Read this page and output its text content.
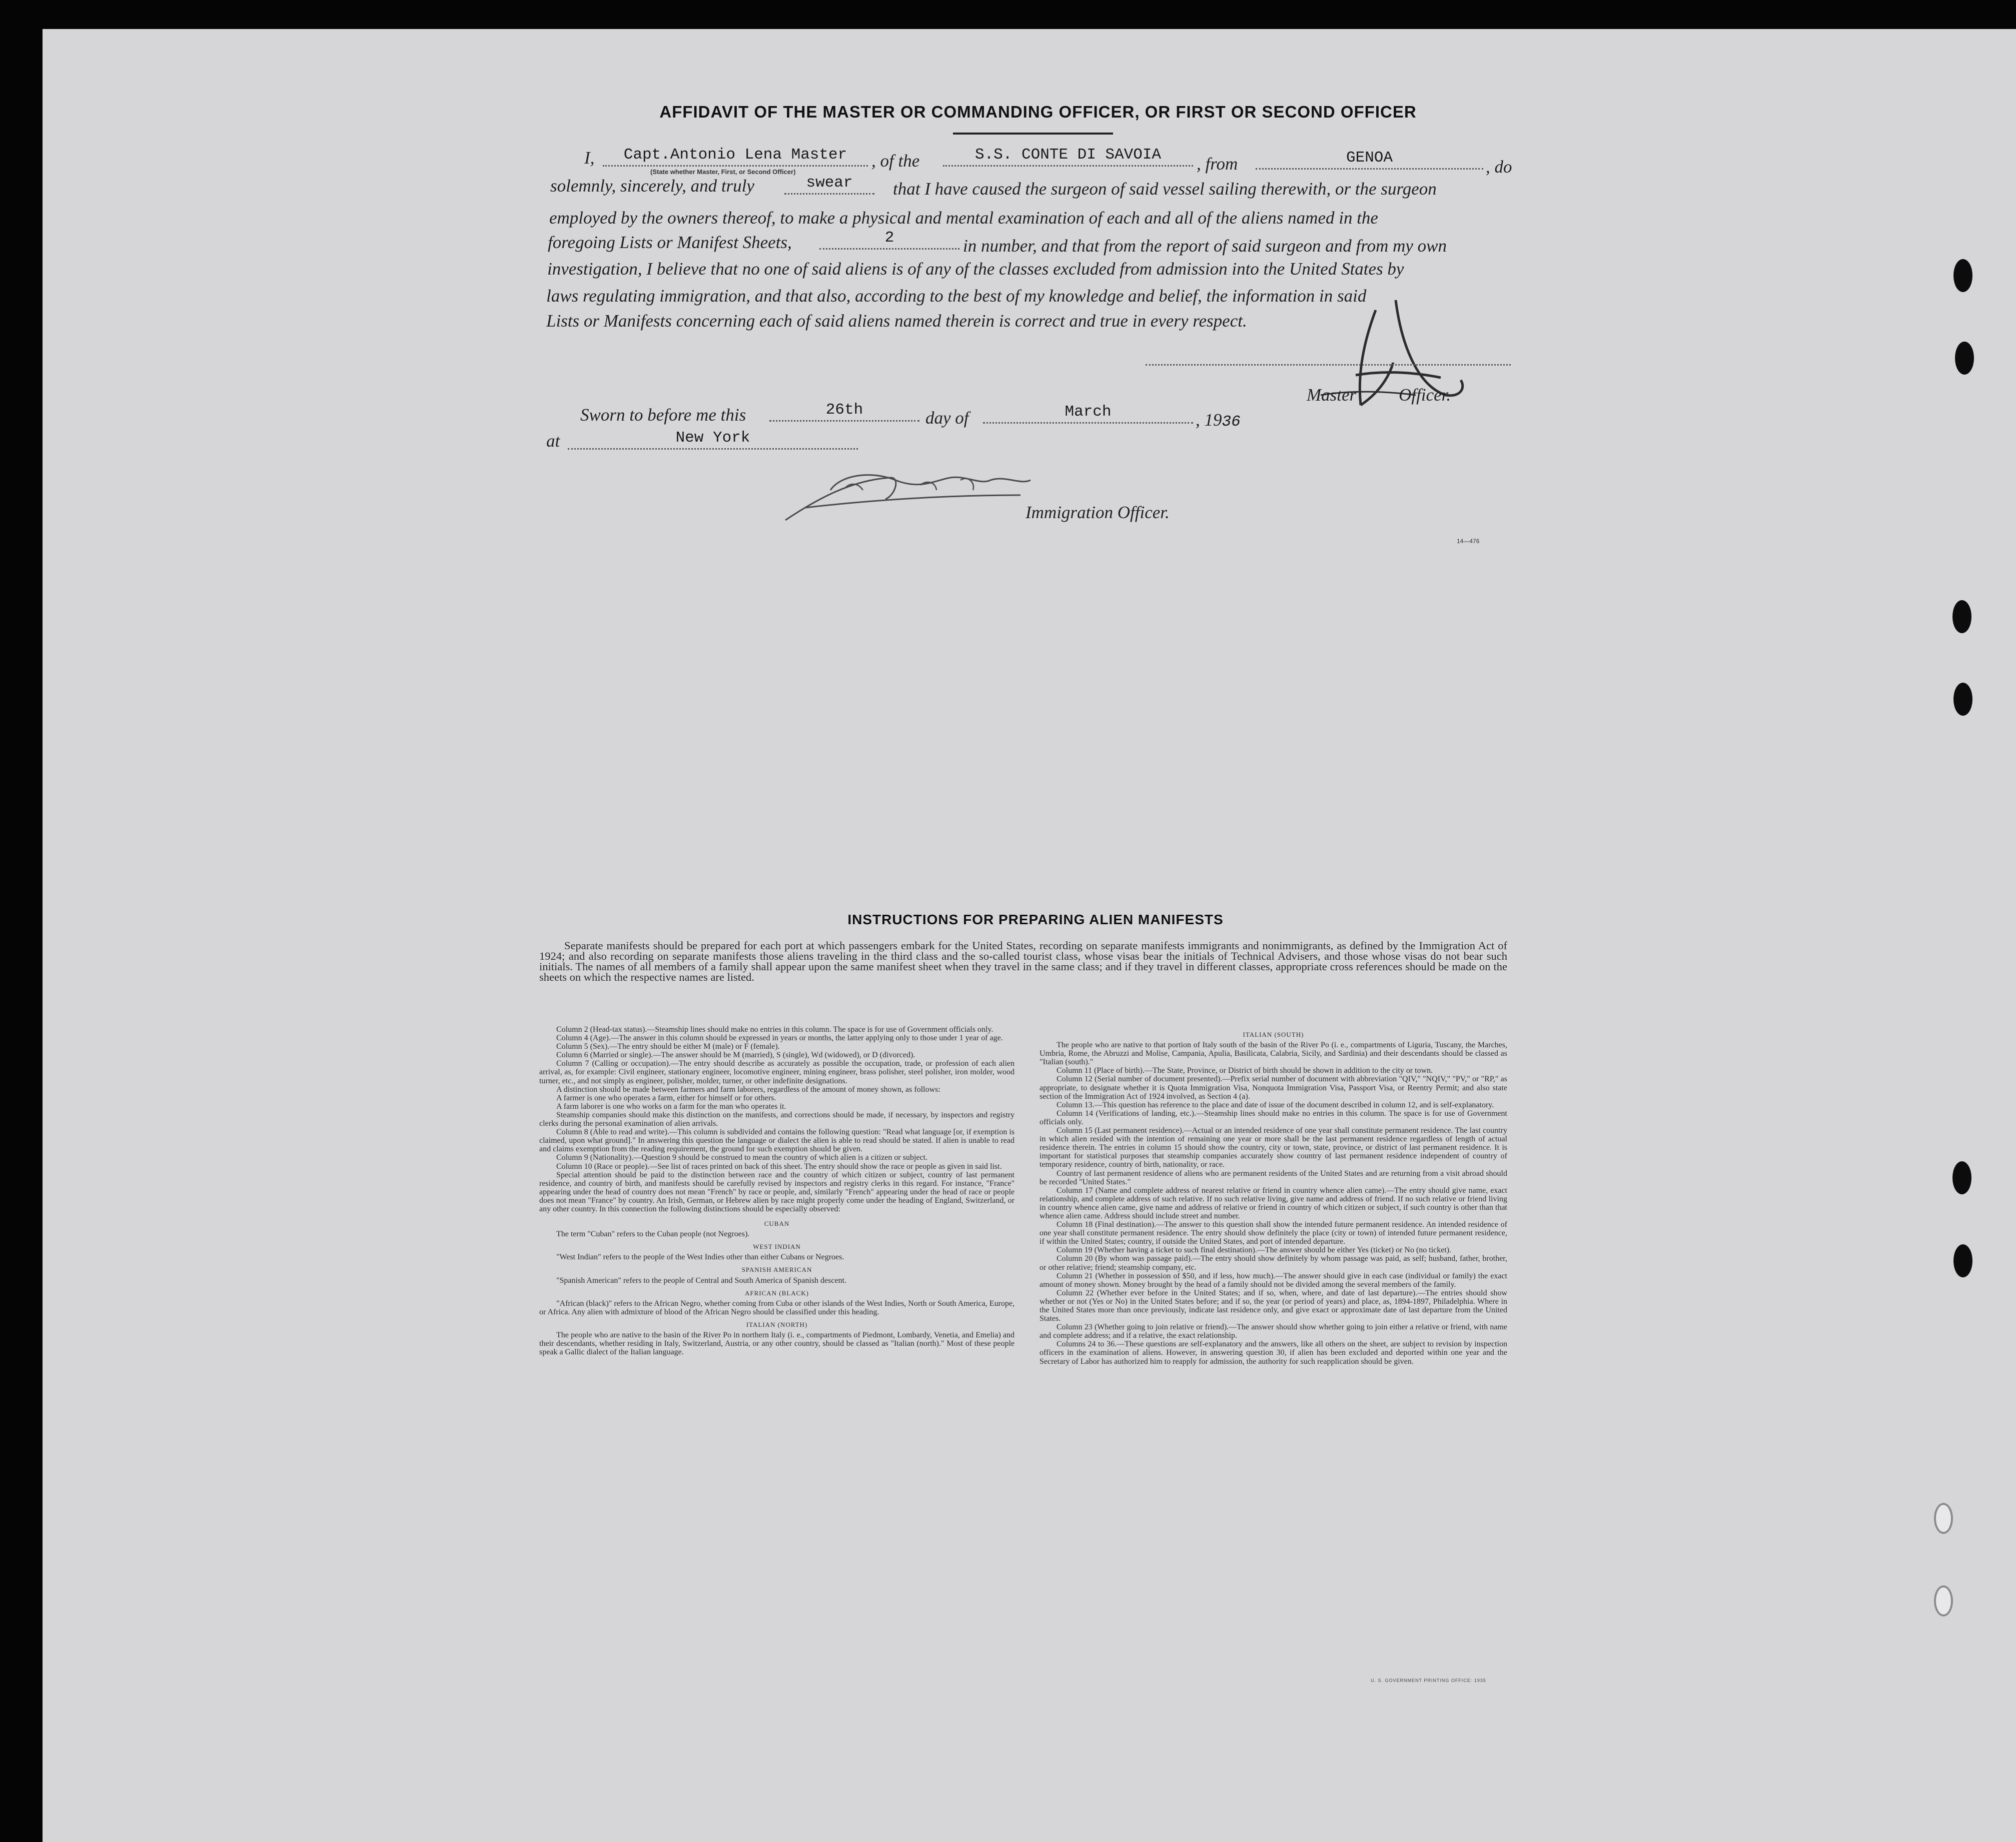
AFFIDAVIT OF THE MASTER OR COMMANDING OFFICER, OR FIRST OR SECOND OFFICER
I,	Capt.Antonio Lena Master
(State whether Master, First, or Second Officer)
, of the	S.S. CONTE DI SAVOIA	, from	GENOA	, do
solemnly, sincerely, and truly	swear	that I have caused the surgeon of said vessel sailing therewith, or the surgeon
employed by the owners thereof, to make a physical and mental examination of each and all of the aliens named in the
foregoing Lists or Manifest Sheets,	2	in number, and that from the report of said surgeon and from my own
investigation, I believe that no one of said aliens is of any of the classes excluded from admission into the United States by
laws regulating immigration, and that also, according to the best of my knowledge and belief, the information in said
Lists or Manifests concerning each of said aliens named therein is correct and true in every respect.
Master Officer.
Sworn to before me this	26th	day of	March	, 1936
at	New York
Immigration Officer.
14—476
INSTRUCTIONS FOR PREPARING ALIEN MANIFESTS
Separate manifests should be prepared for each port at which passengers embark for the United States, recording on separate manifests immigrants and nonimmigrants, as defined by the Immigration Act of 1924; and also recording on separate manifests those aliens traveling in the third class and the so-called tourist class, whose visas bear the initials of Technical Advisers, and those whose visas do not bear such initials. The names of all members of a family shall appear upon the same manifest sheet when they travel in the same class; and if they travel in different classes, appropriate cross references should be made on the sheets on which the respective names are listed.

Column 2 (Head-tax status).—Steamship lines should make no entries in this column. The space is for use of Government officials only.

Column 4 (Age).—The answer in this column should be expressed in years or months, the latter applying only to those under 1 year of age.

Column 5 (Sex).—The entry should be either M (male) or F (female).

Column 6 (Married or single).—The answer should be M (married), S (single), Wd (widowed), or D (divorced).

Column 7 (Calling or occupation).—The entry should describe as accurately as possible the occupation, trade, or profession of each alien arrival, as, for example: Civil engineer, stationary engineer, locomotive engineer, mining engineer, brass polisher, steel polisher, iron molder, wood turner, etc., and not simply as engineer, polisher, molder, turner, or other indefinite designations.

A distinction should be made between farmers and farm laborers, regardless of the amount of money shown, as follows:

A farmer is one who operates a farm, either for himself or for others.

A farm laborer is one who works on a farm for the man who operates it.

Steamship companies should make this distinction on the manifests, and corrections should be made, if necessary, by inspectors and registry clerks during the personal examination of alien arrivals.

Column 8 (Able to read and write).—This column is subdivided and contains the following question: "Read what language [or, if exemption is claimed, upon what ground]." In answering this question the language or dialect the alien is able to read should be stated. If alien is unable to read and claims exemption from the reading requirement, the ground for such exemption should be given.

Column 9 (Nationality).—Question 9 should be construed to mean the country of which alien is a citizen or subject.

Column 10 (Race or people).—See list of races printed on back of this sheet. The entry should show the race or people as given in said list.

Special attention should be paid to the distinction between race and the country of which citizen or subject, country of last permanent residence, and country of birth, and manifests should be carefully revised by inspectors and registry clerks in this regard. For instance, "France" appearing under the head of country does not mean "French" by race or people, and, similarly "French" appearing under the head of race or people does not mean "France" by country. An Irish, German, or Hebrew alien by race might properly come under the heading of England, Switzerland, or any other country. In this connection the following distinctions should be especially observed:

CUBAN

The term "Cuban" refers to the Cuban people (not Negroes).

WEST INDIAN

"West Indian" refers to the people of the West Indies other than either Cubans or Negroes.

SPANISH AMERICAN

"Spanish American" refers to the people of Central and South America of Spanish descent.

AFRICAN (BLACK)

"African (black)" refers to the African Negro, whether coming from Cuba or other islands of the West Indies, North or South America, Europe, or Africa. Any alien with admixture of blood of the African Negro should be classified under this heading.

ITALIAN (NORTH)

The people who are native to the basin of the River Po in northern Italy (i. e., compartments of Piedmont, Lombardy, Venetia, and Emelia) and their descendants, whether residing in Italy, Switzerland, Austria, or any other country, should be classed as "Italian (north)." Most of these people speak a Gallic dialect of the Italian language.

ITALIAN (SOUTH)

The people who are native to that portion of Italy south of the basin of the River Po (i. e., compartments of Liguria, Tuscany, the Marches, Umbria, Rome, the Abruzzi and Molise, Campania, Apulia, Basilicata, Calabria, Sicily, and Sardinia) and their descendants should be classed as "Italian (south)."

Column 11 (Place of birth).—The State, Province, or District of birth should be shown in addition to the city or town.

Column 12 (Serial number of document presented).—Prefix serial number of document with abbreviation "QIV," "NQIV," "PV," or "RP," as appropriate, to designate whether it is Quota Immigration Visa, Nonquota Immigration Visa, Passport Visa, or Reentry Permit; and also state section of the Immigration Act of 1924 involved, as Section 4 (a).

Column 13.—This question has reference to the place and date of issue of the document described in column 12, and is self-explanatory.

Column 14 (Verifications of landing, etc.).—Steamship lines should make no entries in this column. The space is for use of Government officials only.

Column 15 (Last permanent residence).—Actual or an intended residence of one year shall constitute permanent residence. The last country in which alien resided with the intention of remaining one year or more shall be the last permanent residence regardless of length of actual residence therein. The entries in column 15 should show the country, city or town, state, province, or district of last permanent residence. It is important for statistical purposes that steamship companies accurately show country of last permanent residence independent of country of temporary residence, country of birth, nationality, or race.

Country of last permanent residence of aliens who are permanent residents of the United States and are returning from a visit abroad should be recorded "United States."

Column 17 (Name and complete address of nearest relative or friend in country whence alien came).—The entry should give name, exact relationship, and complete address of such relative. If no such relative living, give name and address of friend. If no such relative or friend living in country whence alien came, give name and address of relative or friend in country of which citizen or subject, if such country is other than that whence alien came. Address should include street and number.

Column 18 (Final destination).—The answer to this question shall show the intended future permanent residence. An intended residence of one year shall constitute permanent residence. The entry should show definitely the place (city or town) of intended future permanent residence, if within the United States; country, if outside the United States, and port of intended departure.

Column 19 (Whether having a ticket to such final destination).—The answer should be either Yes (ticket) or No (no ticket).

Column 20 (By whom was passage paid).—The entry should show definitely by whom passage was paid, as self; husband, father, brother, or other relative; friend; steamship company, etc.

Column 21 (Whether in possession of $50, and if less, how much).—The answer should give in each case (individual or family) the exact amount of money shown. Money brought by the head of a family should not be divided among the several members of the family.

Column 22 (Whether ever before in the United States; and if so, when, where, and date of last departure).—The entries should show whether or not (Yes or No) in the United States before; and if so, the year (or period of years) and place, as, 1894-1897, Philadelphia. Where in the United States more than once previously, indicate last residence only, and give exact or approximate date of last departure from the United States.

Column 23 (Whether going to join relative or friend).—The answer should show whether going to join either a relative or friend, with name and complete address; and if a relative, the exact relationship.

Columns 24 to 36.—These questions are self-explanatory and the answers, like all others on the sheet, are subject to revision by inspection officers in the examination of aliens. However, in answering question 30, if alien has been excluded and deported within one year and the Secretary of Labor has authorized him to reapply for admission, the authority for such reapplication should be given.

U. S. GOVERNMENT PRINTING OFFICE: 1935
